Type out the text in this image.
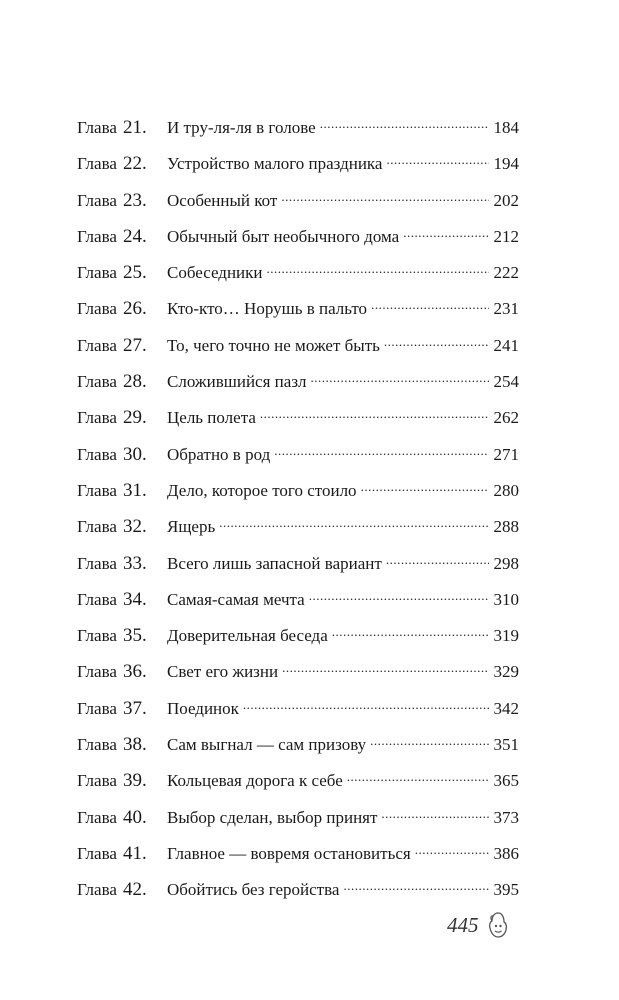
Глава 21.	И тру-ля-ля в голове .....	184
Глава 22.	Устройство малого праздника .....	194
Глава 23.	Особенный кот .....	202
Глава 24.	Обычный быт необычного дома .....	212
Глава 25.	Собеседники .....	222
Глава 26.	Кто-кто… Норушь в пальто .....	231
Глава 27.	То, чего точно не может быть .....	241
Глава 28.	Сложившийся пазл .....	254
Глава 29.	Цель полета .....	262
Глава 30.	Обратно в род .....	271
Глава 31.	Дело, которое того стоило .....	280
Глава 32.	Ящерь .....	288
Глава 33.	Всего лишь запасной вариант .....	298
Глава 34.	Самая-самая мечта .....	310
Глава 35.	Доверительная беседа .....	319
Глава 36.	Свет его жизни .....	329
Глава 37.	Поединок .....	342
Глава 38.	Сам выгнал — сам призову .....	351
Глава 39.	Кольцевая дорога к себе .....	365
Глава 40.	Выбор сделан, выбор принят .....	373
Глава 41.	Главное — вовремя остановиться .....	386
Глава 42.	Обойтись без геройства .....	395
445
